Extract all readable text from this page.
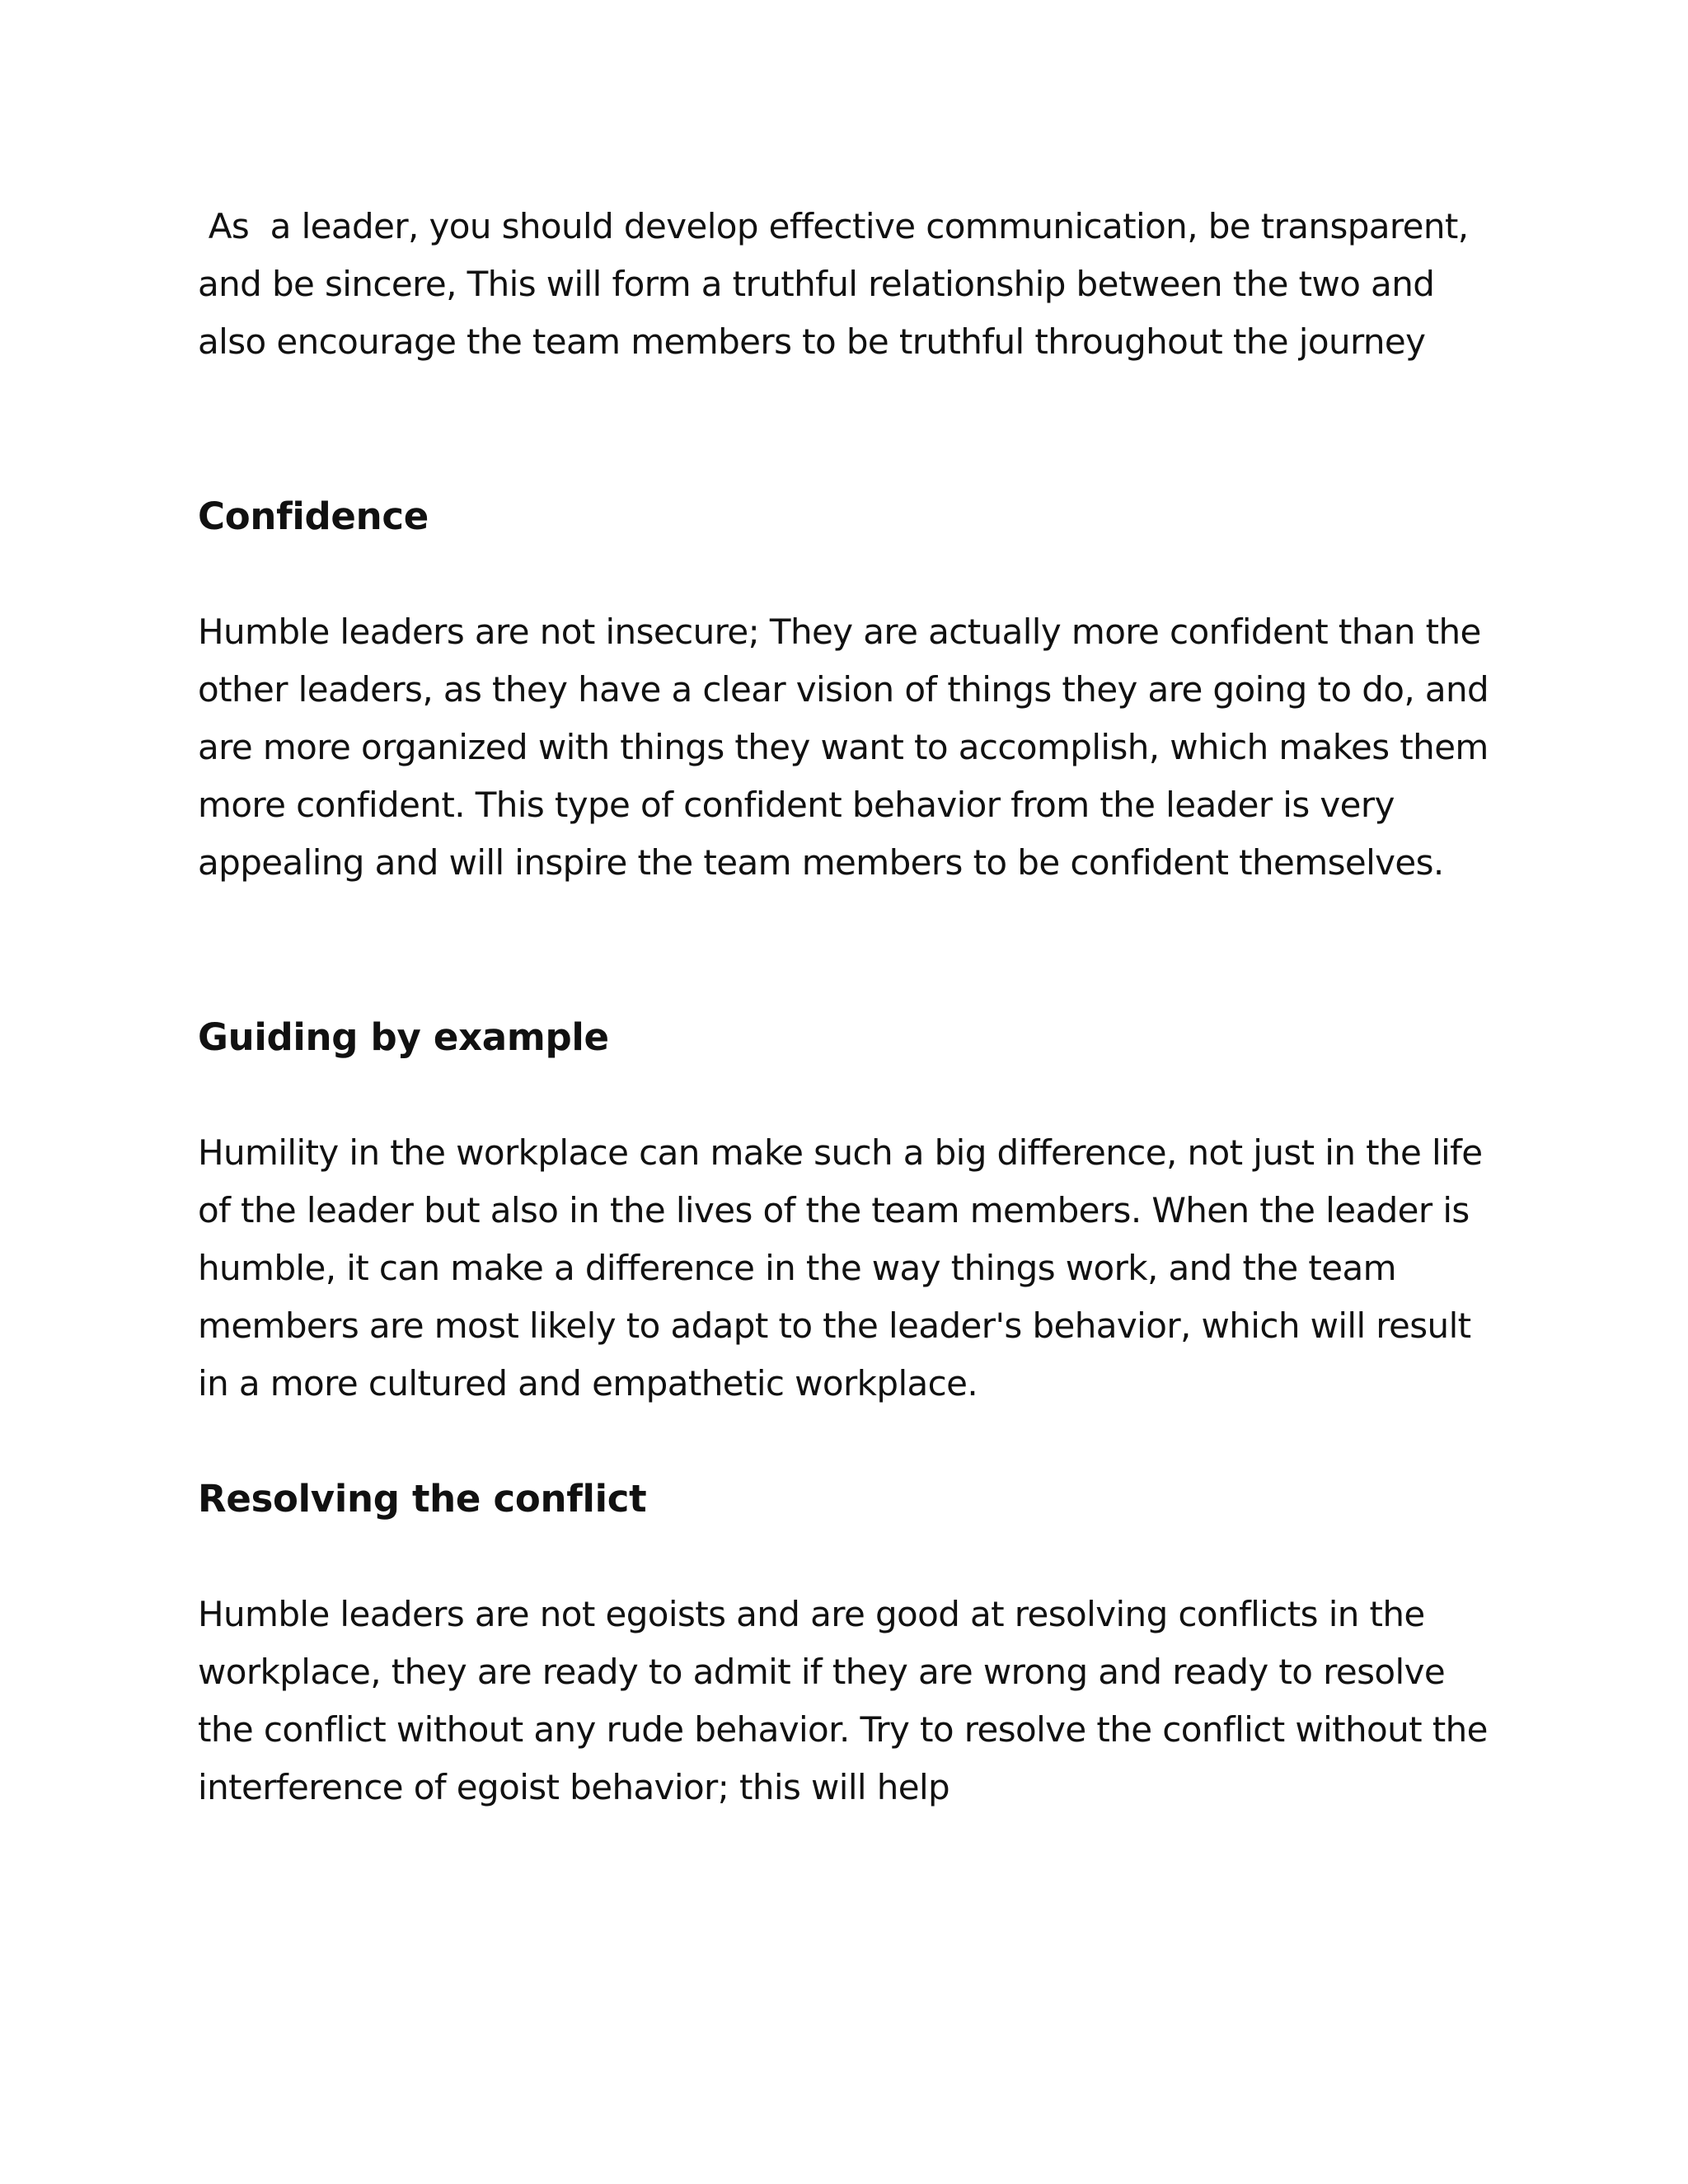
As  a leader, you should develop effective communication, be transparent, and be sincere, This will form a truthful relationship between the two and also encourage the team members to be truthful throughout the journey

Confidence

Humble leaders are not insecure; They are actually more confident than the other leaders, as they have a clear vision of things they are going to do, and are more organized with things they want to accomplish, which makes them more confident. This type of confident behavior from the leader is very appealing and will inspire the team members to be confident themselves.

Guiding by example

Humility in the workplace can make such a big difference, not just in the life of the leader but also in the lives of the team members. When the leader is humble, it can make a difference in the way things work, and the team members are most likely to adapt to the leader's behavior, which will result in a more cultured and empathetic workplace.

Resolving the conflict

Humble leaders are not egoists and are good at resolving conflicts in the workplace, they are ready to admit if they are wrong and ready to resolve the conflict without any rude behavior. Try to resolve the conflict without the interference of egoist behavior; this will help
